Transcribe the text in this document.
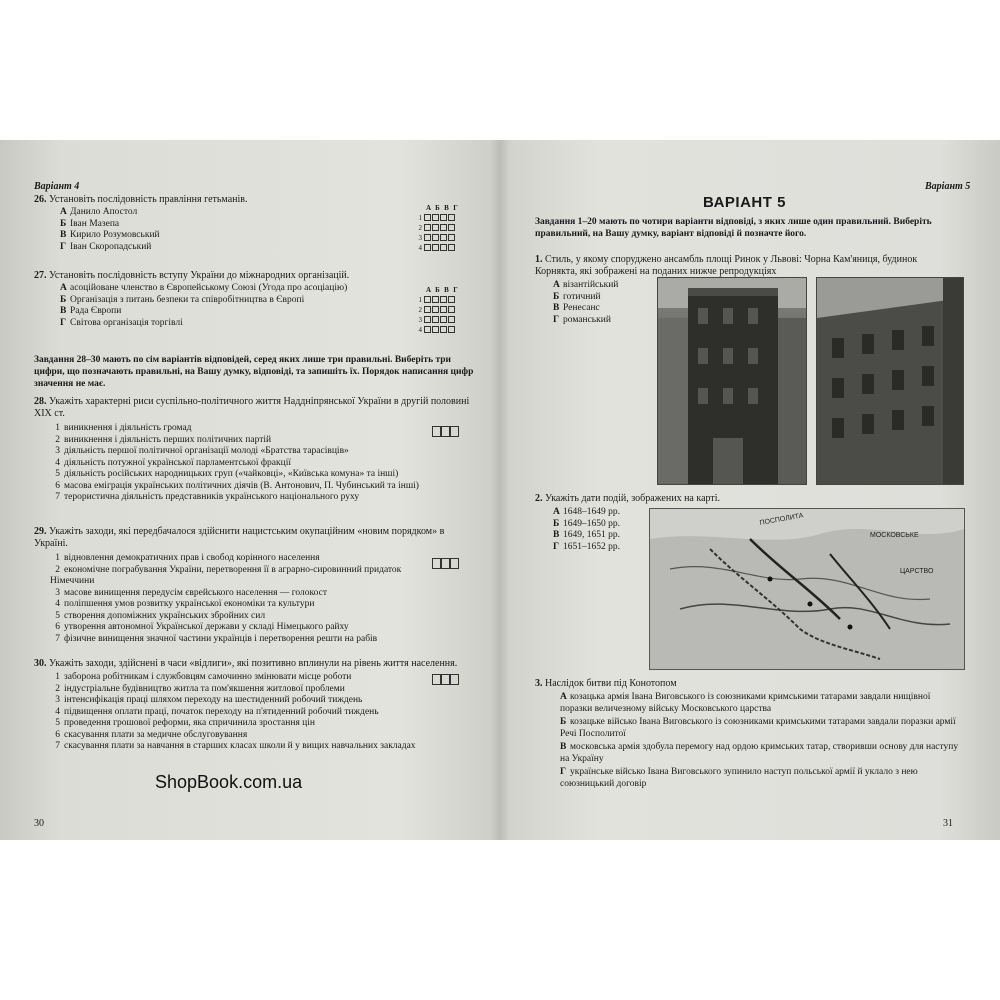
Варіант 4
26. Установіть послідовність правління гетьманів.
А Данило Апостол
Б Іван Мазепа
В Кирило Розумовський
Г Іван Скоропадський
А Б В Г
1
2
3
4
27. Установіть послідовність вступу України до міжнародних організацій.
А асоційоване членство в Європейському Союзі (Угода про асоціацію)
Б Організація з питань безпеки та співробітництва в Європі
В Рада Європи
Г Світова організація торгівлі
А Б В Г
1
2
3
4
Завдання 28–30 мають по сім варіантів відповідей, серед яких лише три правильні. Виберіть три цифри, що позначають правильні, на Вашу думку, відповіді, та запишіть їх. Порядок написання цифр значення не має.
28. Укажіть характерні риси суспільно-політичного життя Наддніпрянської України в другій половині XIX ст.
1 виникнення і діяльність громад
2 виникнення і діяльність перших політичних партій
3 діяльність першої політичної організації молоді «Братства тарасівців»
4 діяльність потужної української парламентської фракції
5 діяльність російських народницьких груп («чайковці», «Київська комуна» та інші)
6 масова еміграція українських політичних діячів (В. Антонович, П. Чубинський та інші)
7 терористична діяльність представників українського національного руху
29. Укажіть заходи, які передбачалося здійснити нацистським окупаційним «новим порядком» в Україні.
1 відновлення демократичних прав і свобод корінного населення
2 економічне пограбування України, перетворення її в аграрно-сировинний придаток Німеччини
3 масове винищення передусім єврейського населення — голокост
4 поліпшення умов розвитку української економіки та культури
5 створення допоміжних українських збройних сил
6 утворення автономної Української держави у складі Німецького райху
7 фізичне винищення значної частини українців і перетворення решти на рабів
30. Укажіть заходи, здійснені в часи «відлиги», які позитивно вплинули на рівень життя населення.
1 заборона робітникам і службовцям самочинно змінювати місце роботи
2 індустріальне будівництво житла та пом'якшення житлової проблеми
3 інтенсифікація праці шляхом переходу на шестиденний робочий тиждень
4 підвищення оплати праці, початок переходу на п'ятиденний робочий тиждень
5 проведення грошової реформи, яка спричинила зростання цін
6 скасування плати за медичне обслуговування
7 скасування плати за навчання в старших класах школи й у вищих навчальних закладах
30
Варіант 5
ВАРІАНТ 5
Завдання 1–20 мають по чотири варіанти відповіді, з яких лише один правильний. Виберіть правильний, на Вашу думку, варіант відповіді й позначте його.
1. Стиль, у якому споруджено ансамбль площі Ринок у Львові: Чорна Кам'яниця, будинок Корнякта, які зображені на поданих нижче репродукціях
А візантійський
Б готичний
В Ренесанс
Г романський
2. Укажіть дати подій, зображених на карті.
А 1648–1649 рр.
Б 1649–1650 рр.
В 1649, 1651 рр.
Г 1651–1652 рр.
ПОСПОЛИТА
МОСКОВСЬКЕ
ЦАРСТВО
3. Наслідок битви під Конотопом
А козацька армія Івана Виговського із союзниками кримськими татарами завдали нищівної поразки величезному війську Московського царства
Б козацьке військо Івана Виговського із союзниками кримськими татарами завдали поразки армії Речі Посполитої
В московська армія здобула перемогу над ордою кримських татар, створивши основу для наступу на Україну
Г українське військо Івана Виговського зупинило наступ польської армії й уклало з нею союзницький договір
31
ShopBook.com.ua
